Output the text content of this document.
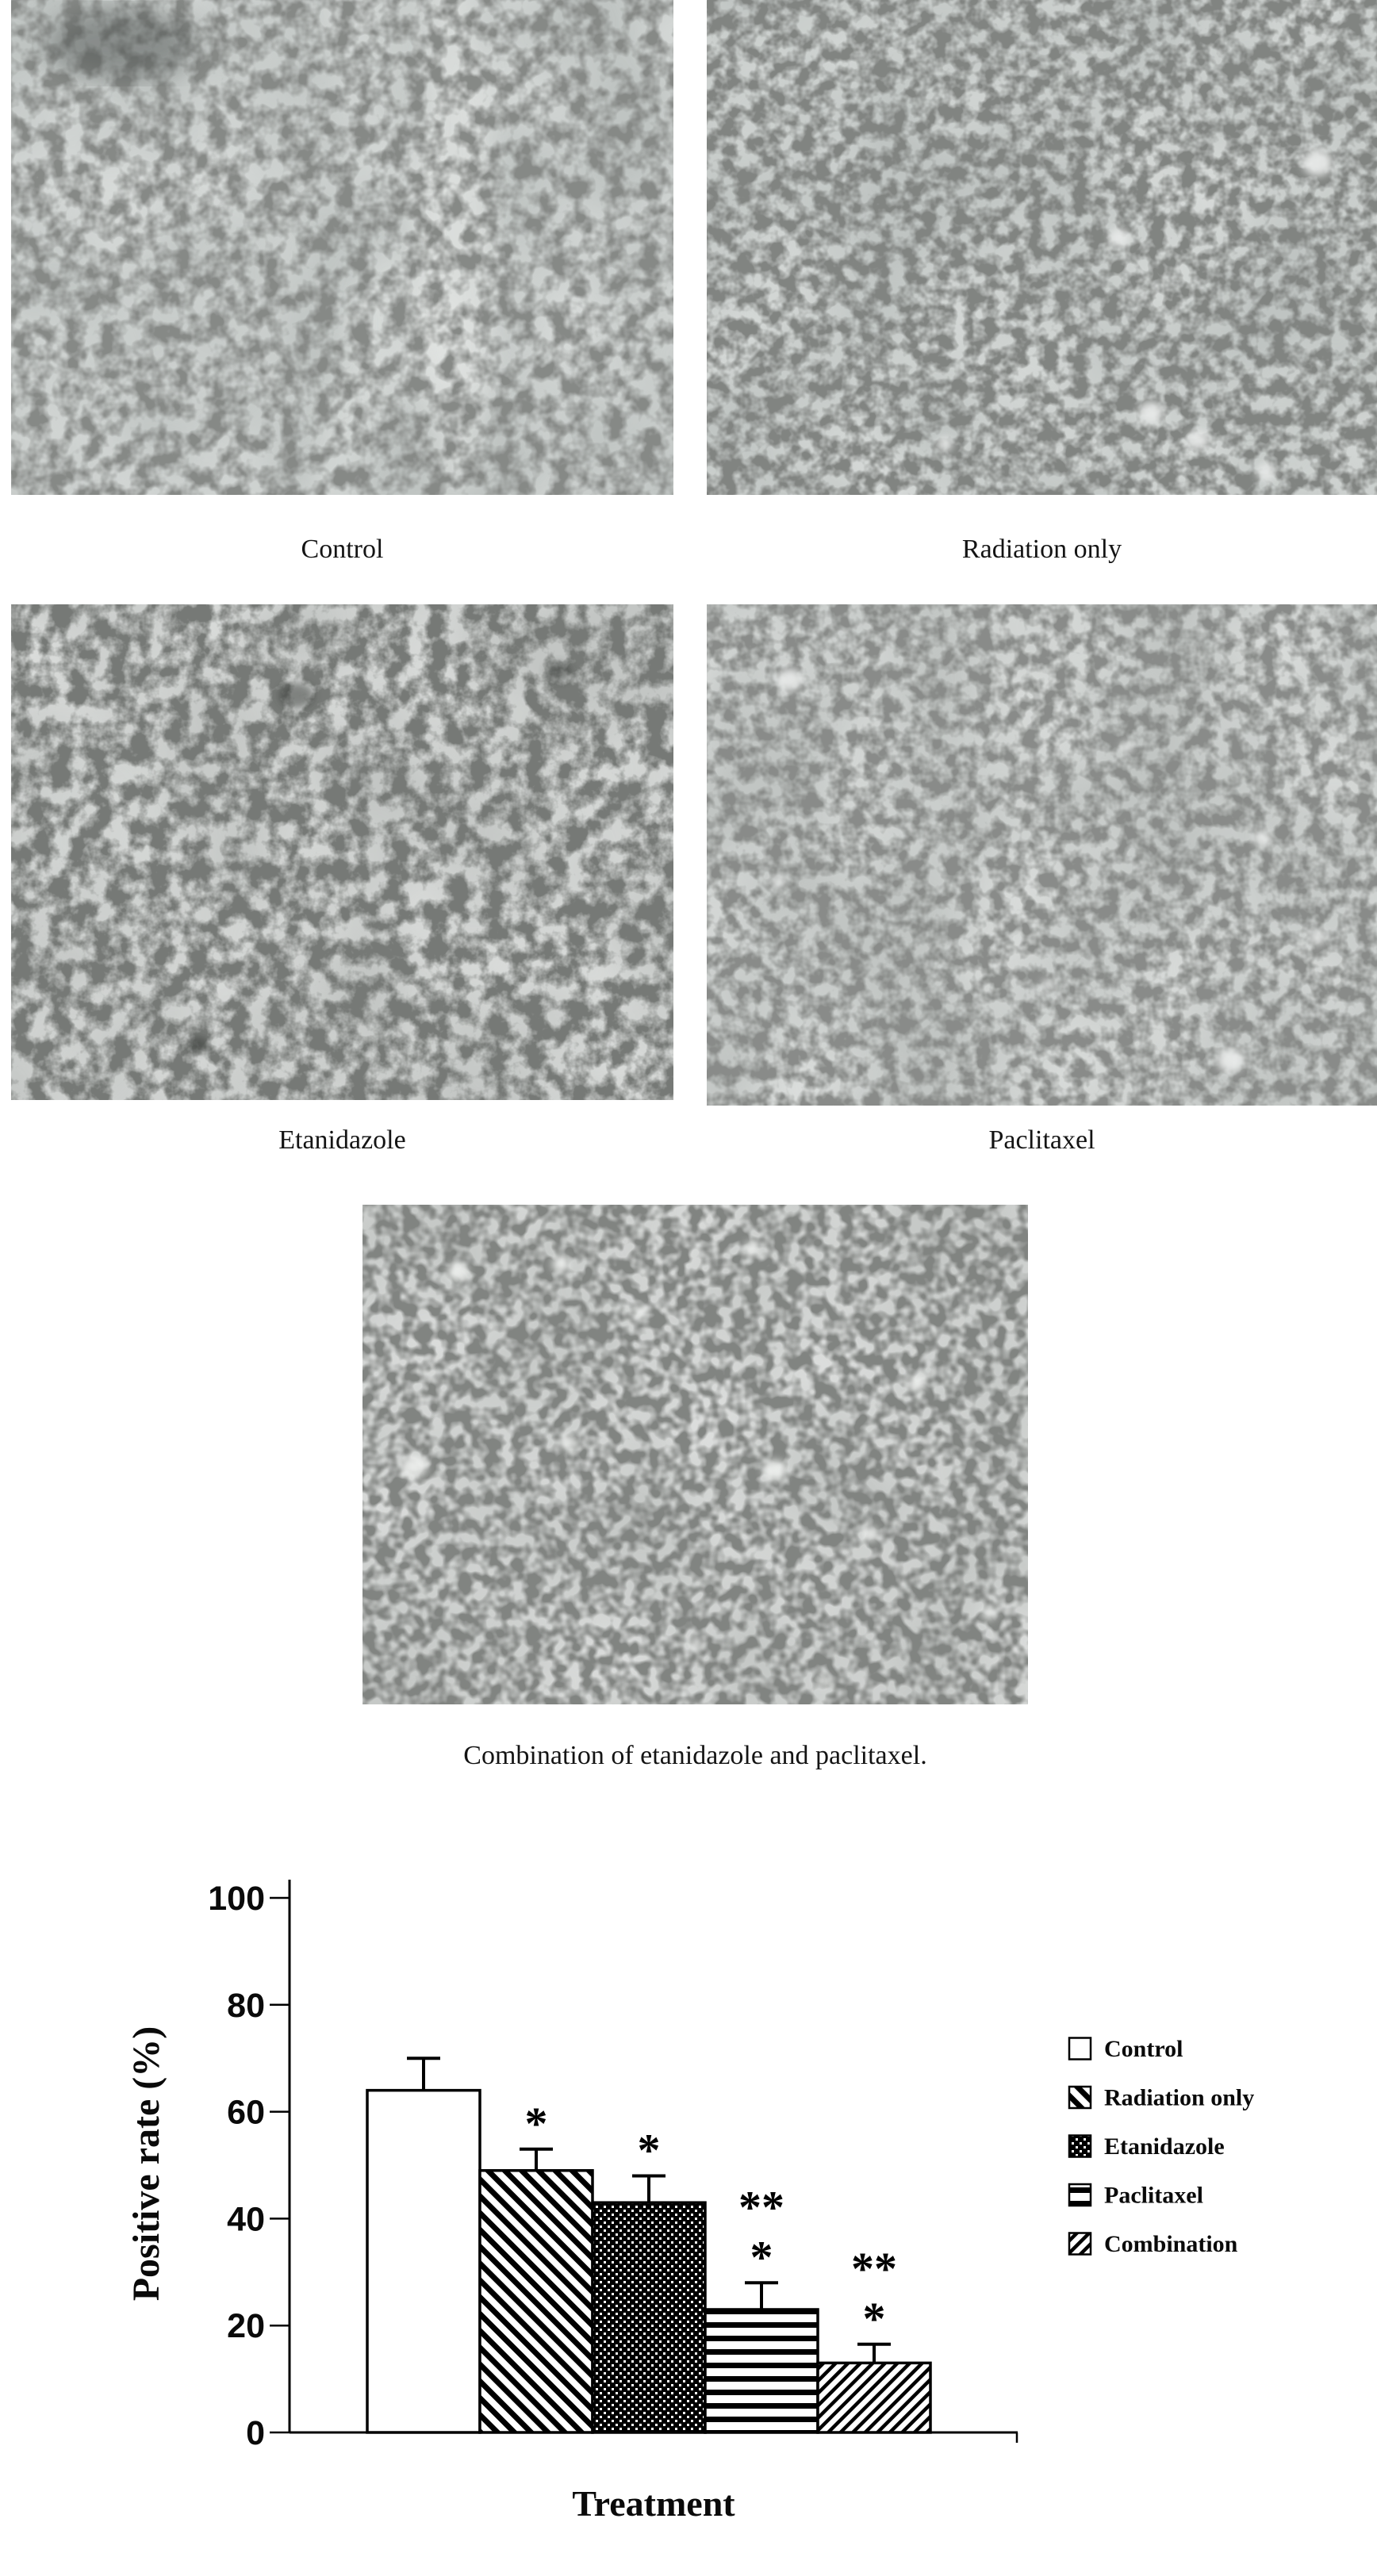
Control	Radiation only
Etanidazole	Paclitaxel
Combination of etanidazole and paclitaxel.
0
20
40
60
80
100
*
*
*
**
*
**
Control
Radiation only
Etanidazole
Paclitaxel
Combination
Positive rate (%)
Treatment
